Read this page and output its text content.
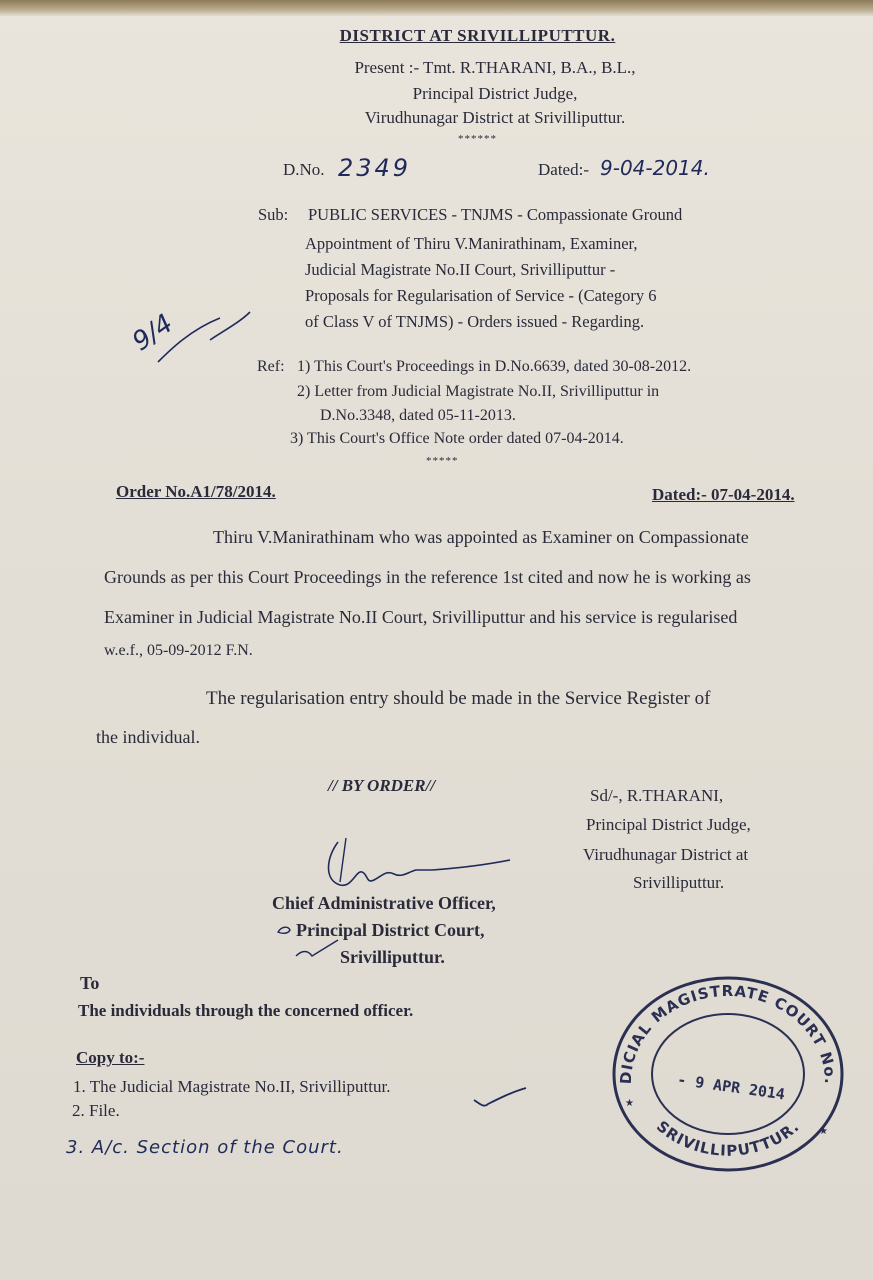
DISTRICT AT SRIVILLIPUTTUR.
Present :- Tmt. R.THARANI, B.A., B.L.,
Principal District Judge,
Virudhunagar District at Srivilliputtur.
******
D.No. 2349	Dated:- 9-04-2014.
Sub: PUBLIC SERVICES - TNJMS - Compassionate Ground
Appointment of Thiru V.Manirathinam, Examiner,
Judicial Magistrate No.II Court, Srivilliputtur -
Proposals for Regularisation of Service - (Category 6
of Class V of TNJMS) - Orders issued - Regarding.
9/4
Ref: 1) This Court's Proceedings in D.No.6639, dated 30-08-2012.
2) Letter from Judicial Magistrate No.II, Srivilliputtur in
D.No.3348, dated 05-11-2013.
3) This Court's Office Note order dated 07-04-2014.
*****
Order No.A1/78/2014.	Dated:- 07-04-2014.
Thiru V.Manirathinam who was appointed as Examiner on Compassionate
Grounds as per this Court Proceedings in the reference 1st cited and now he is working as
Examiner in Judicial Magistrate No.II Court, Srivilliputtur and his service is regularised
w.e.f., 05-09-2012 F.N.
The regularisation entry should be made in the Service Register of
the individual.
// BY ORDER//
Sd/-, R.THARANI,
Principal District Judge,
Virudhunagar District at
Srivilliputtur.
Chief Administrative Officer,
Principal District Court,
Srivilliputtur.
To
The individuals through the concerned officer.
Copy to:-
1. The Judicial Magistrate No.II, Srivilliputtur.
2. File.
3. A/c. Section of the Court.
DICIAL MAGISTRATE COURT No.
SRIVILLIPUTTUR.
- 9 APR 2014
★
★
